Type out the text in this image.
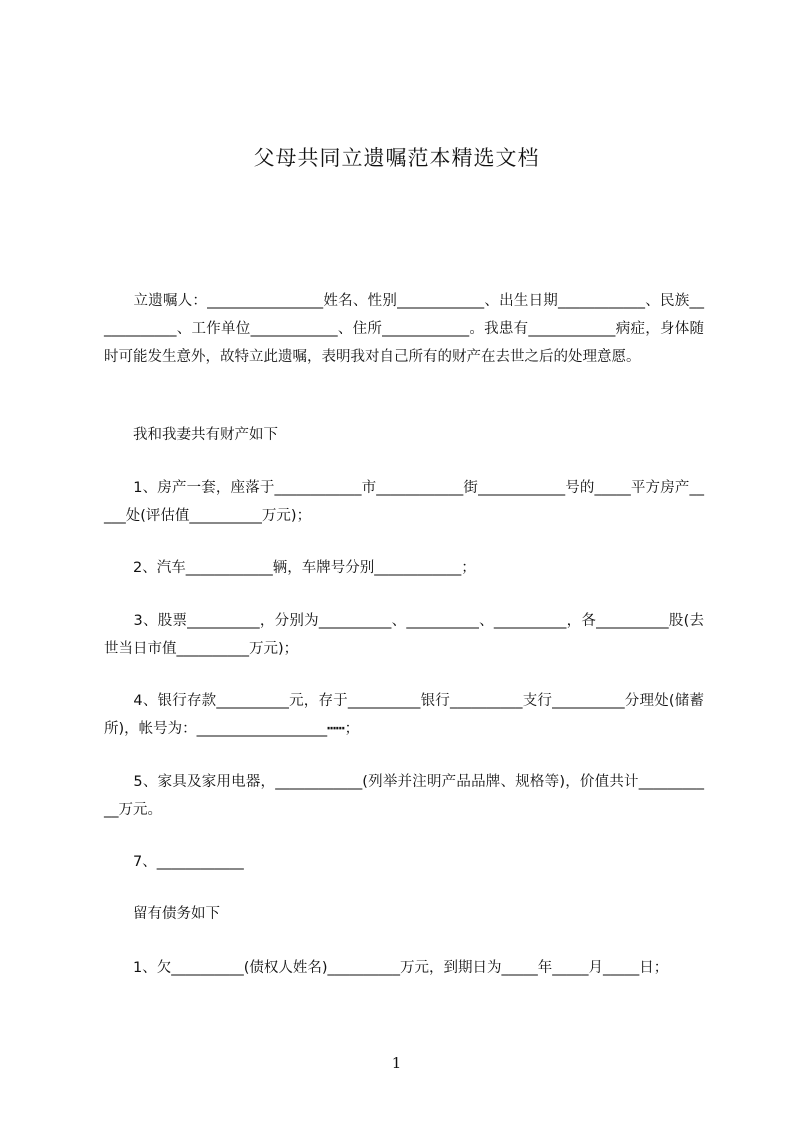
父母共同立遗嘱范本精选文档

　　立遗嘱人：________________姓名、性别____________、出生日期____________、民族____________、工作单位____________、住所____________。我患有____________病症，身体随时可能发生意外，故特立此遗嘱，表明我对自己所有的财产在去世之后的处理意愿。

　　我和我妻共有财产如下

　　1、房产一套，座落于____________市____________街____________号的_____平方房产_____处(评估值__________万元)；

　　2、汽车____________辆，车牌号分别____________；

　　3、股票__________，分别为__________、__________、__________，各__________股(去世当日市值__________万元)；

　　4、银行存款__________元，存于__________银行__________支行__________分理处(储蓄所)，帐号为：__________________┅┅；

　　5、家具及家用电器，____________(列举并注明产品品牌、规格等)，价值共计___________万元。

　　7、____________

　　留有债务如下

　　1、欠__________(债权人姓名)__________万元，到期日为_____年_____月_____日；

1
